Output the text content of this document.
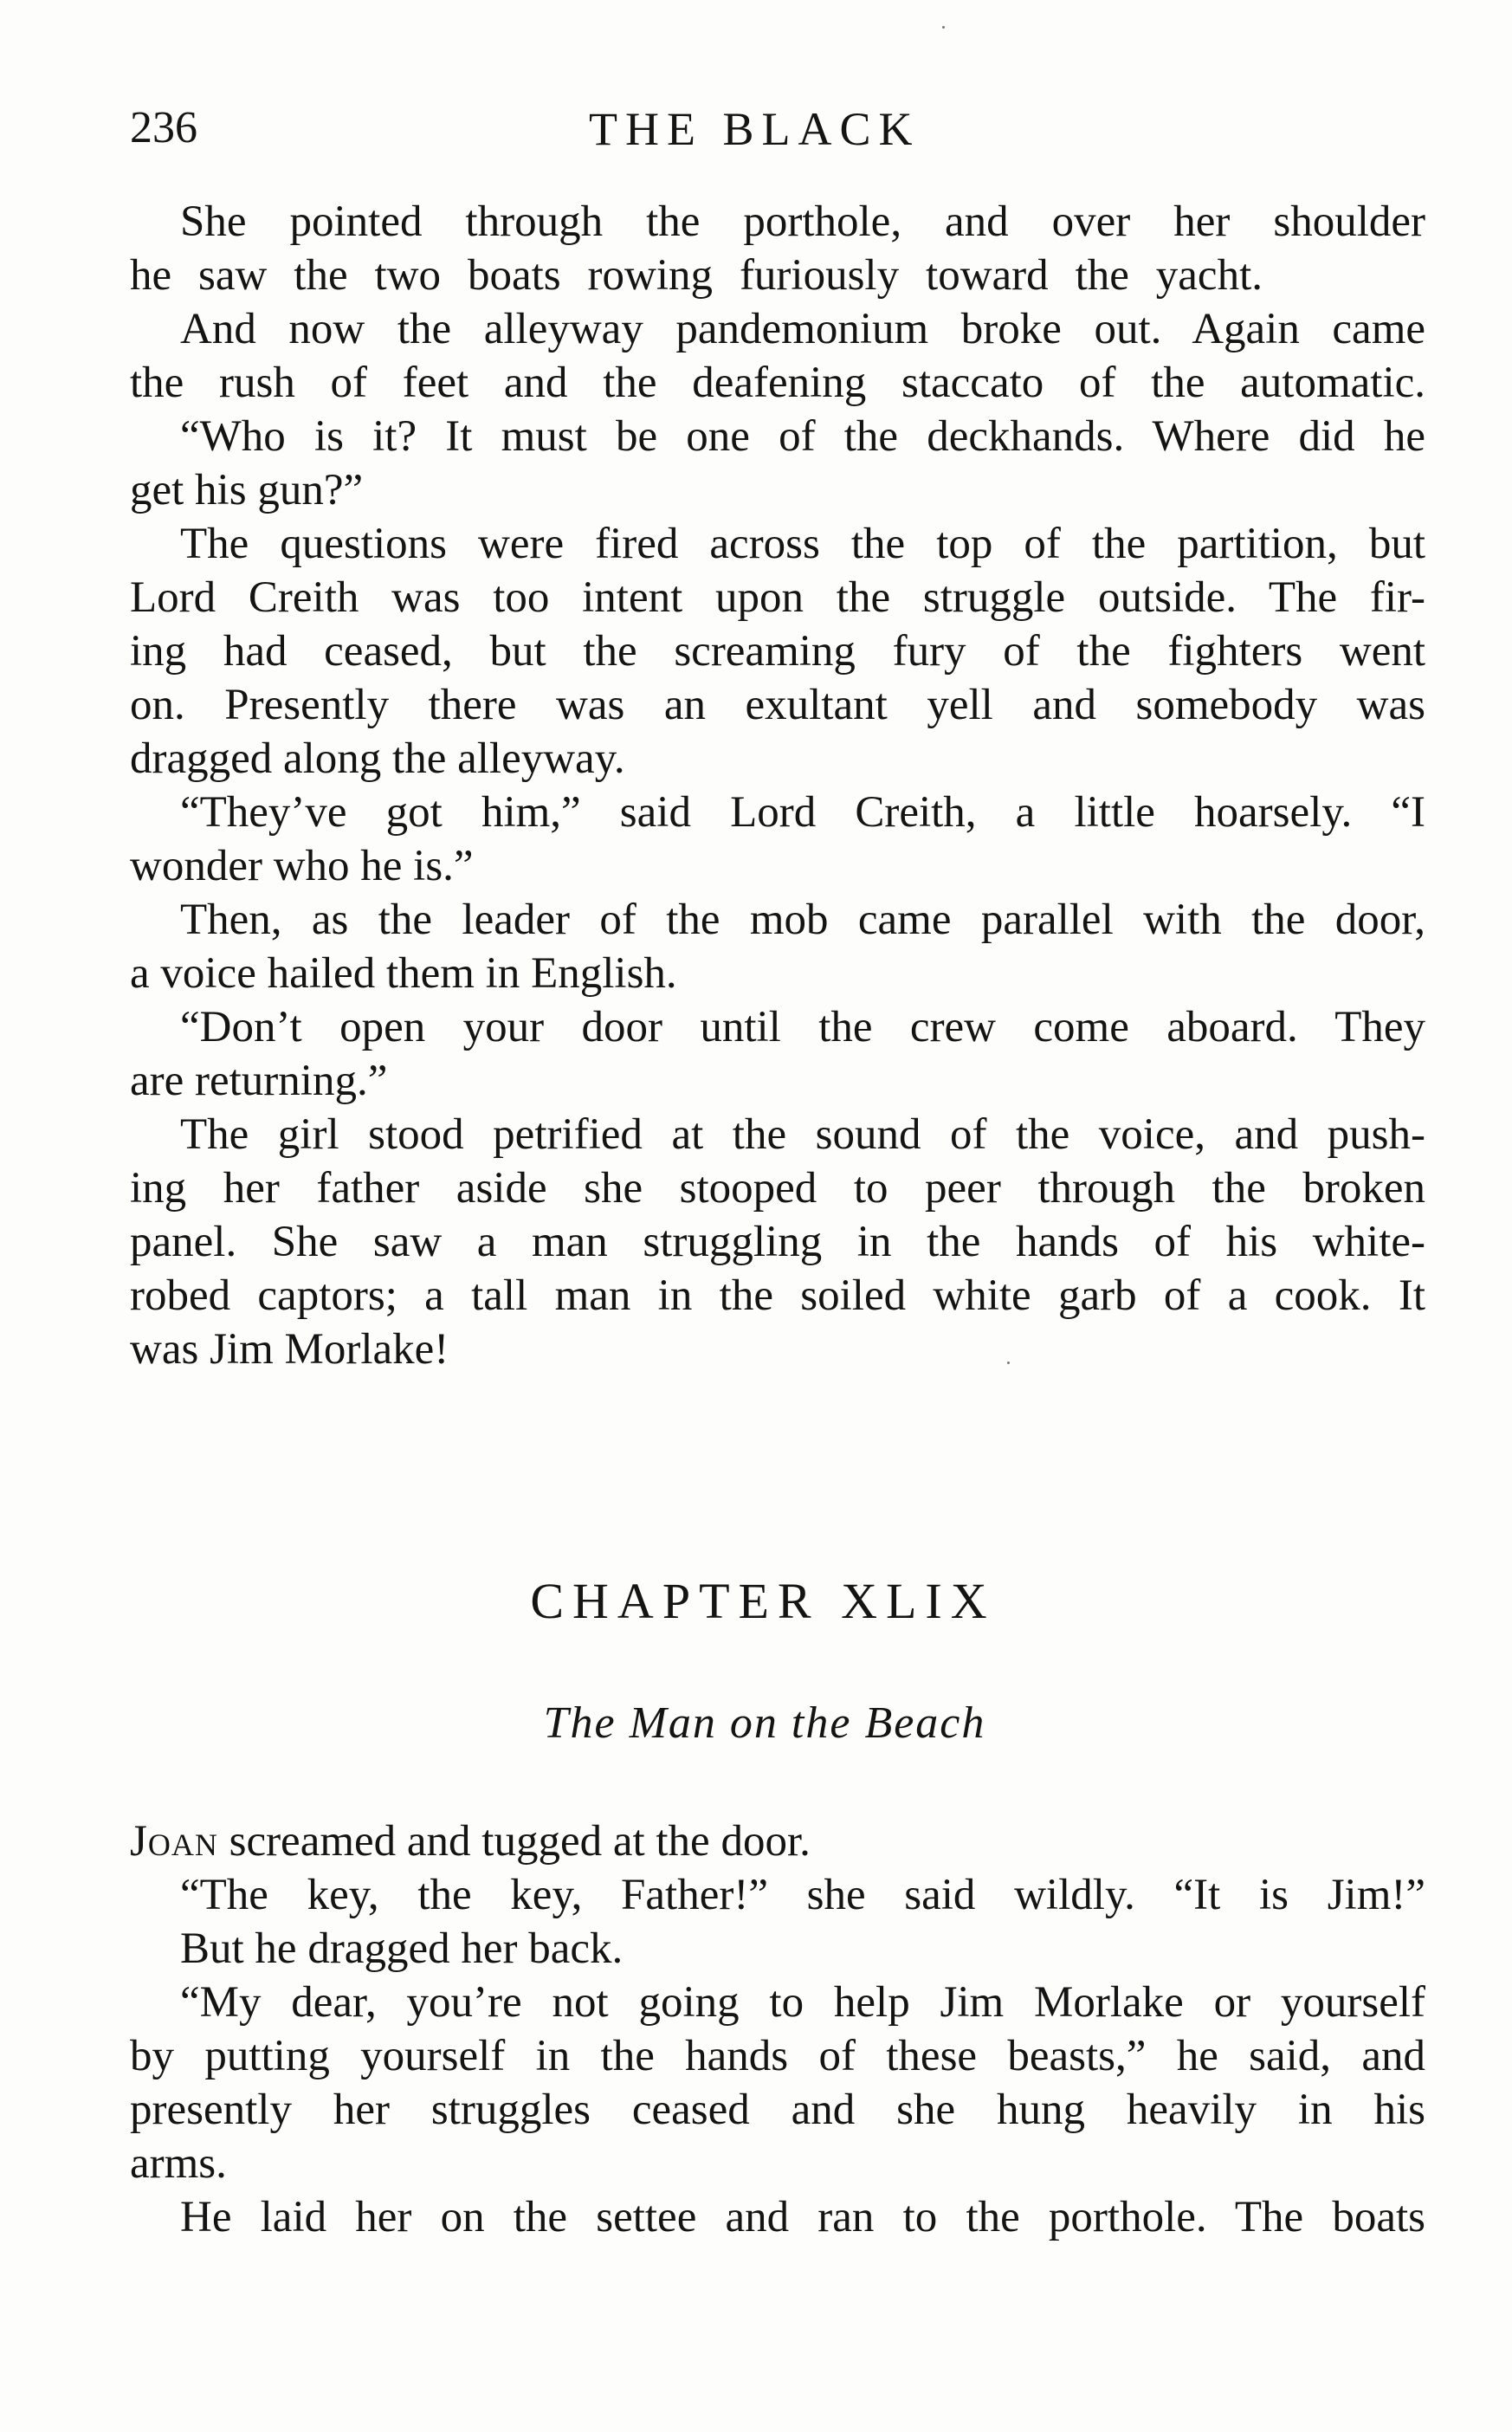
236	THE BLACK
She pointed through the porthole, and over her shoulder
he saw the two boats rowing furiously toward the yacht.
And now the alleyway pandemonium broke out. Again came
the rush of feet and the deafening staccato of the automatic.
“Who is it? It must be one of the deckhands. Where did he
get his gun?”
The questions were fired across the top of the partition, but
Lord Creith was too intent upon the struggle outside. The fir-
ing had ceased, but the screaming fury of the fighters went
on. Presently there was an exultant yell and somebody was
dragged along the alleyway.
“They’ve got him,” said Lord Creith, a little hoarsely. “I
wonder who he is.”
Then, as the leader of the mob came parallel with the door,
a voice hailed them in English.
“Don’t open your door until the crew come aboard. They
are returning.”
The girl stood petrified at the sound of the voice, and push-
ing her father aside she stooped to peer through the broken
panel. She saw a man struggling in the hands of his white-
robed captors; a tall man in the soiled white garb of a cook. It
was Jim Morlake!
CHAPTER XLIX
The Man on the Beach
Joan screamed and tugged at the door.
“The key, the key, Father!” she said wildly. “It is Jim!”
But he dragged her back.
“My dear, you’re not going to help Jim Morlake or yourself
by putting yourself in the hands of these beasts,” he said, and
presently her struggles ceased and she hung heavily in his
arms.
He laid her on the settee and ran to the porthole. The boats
